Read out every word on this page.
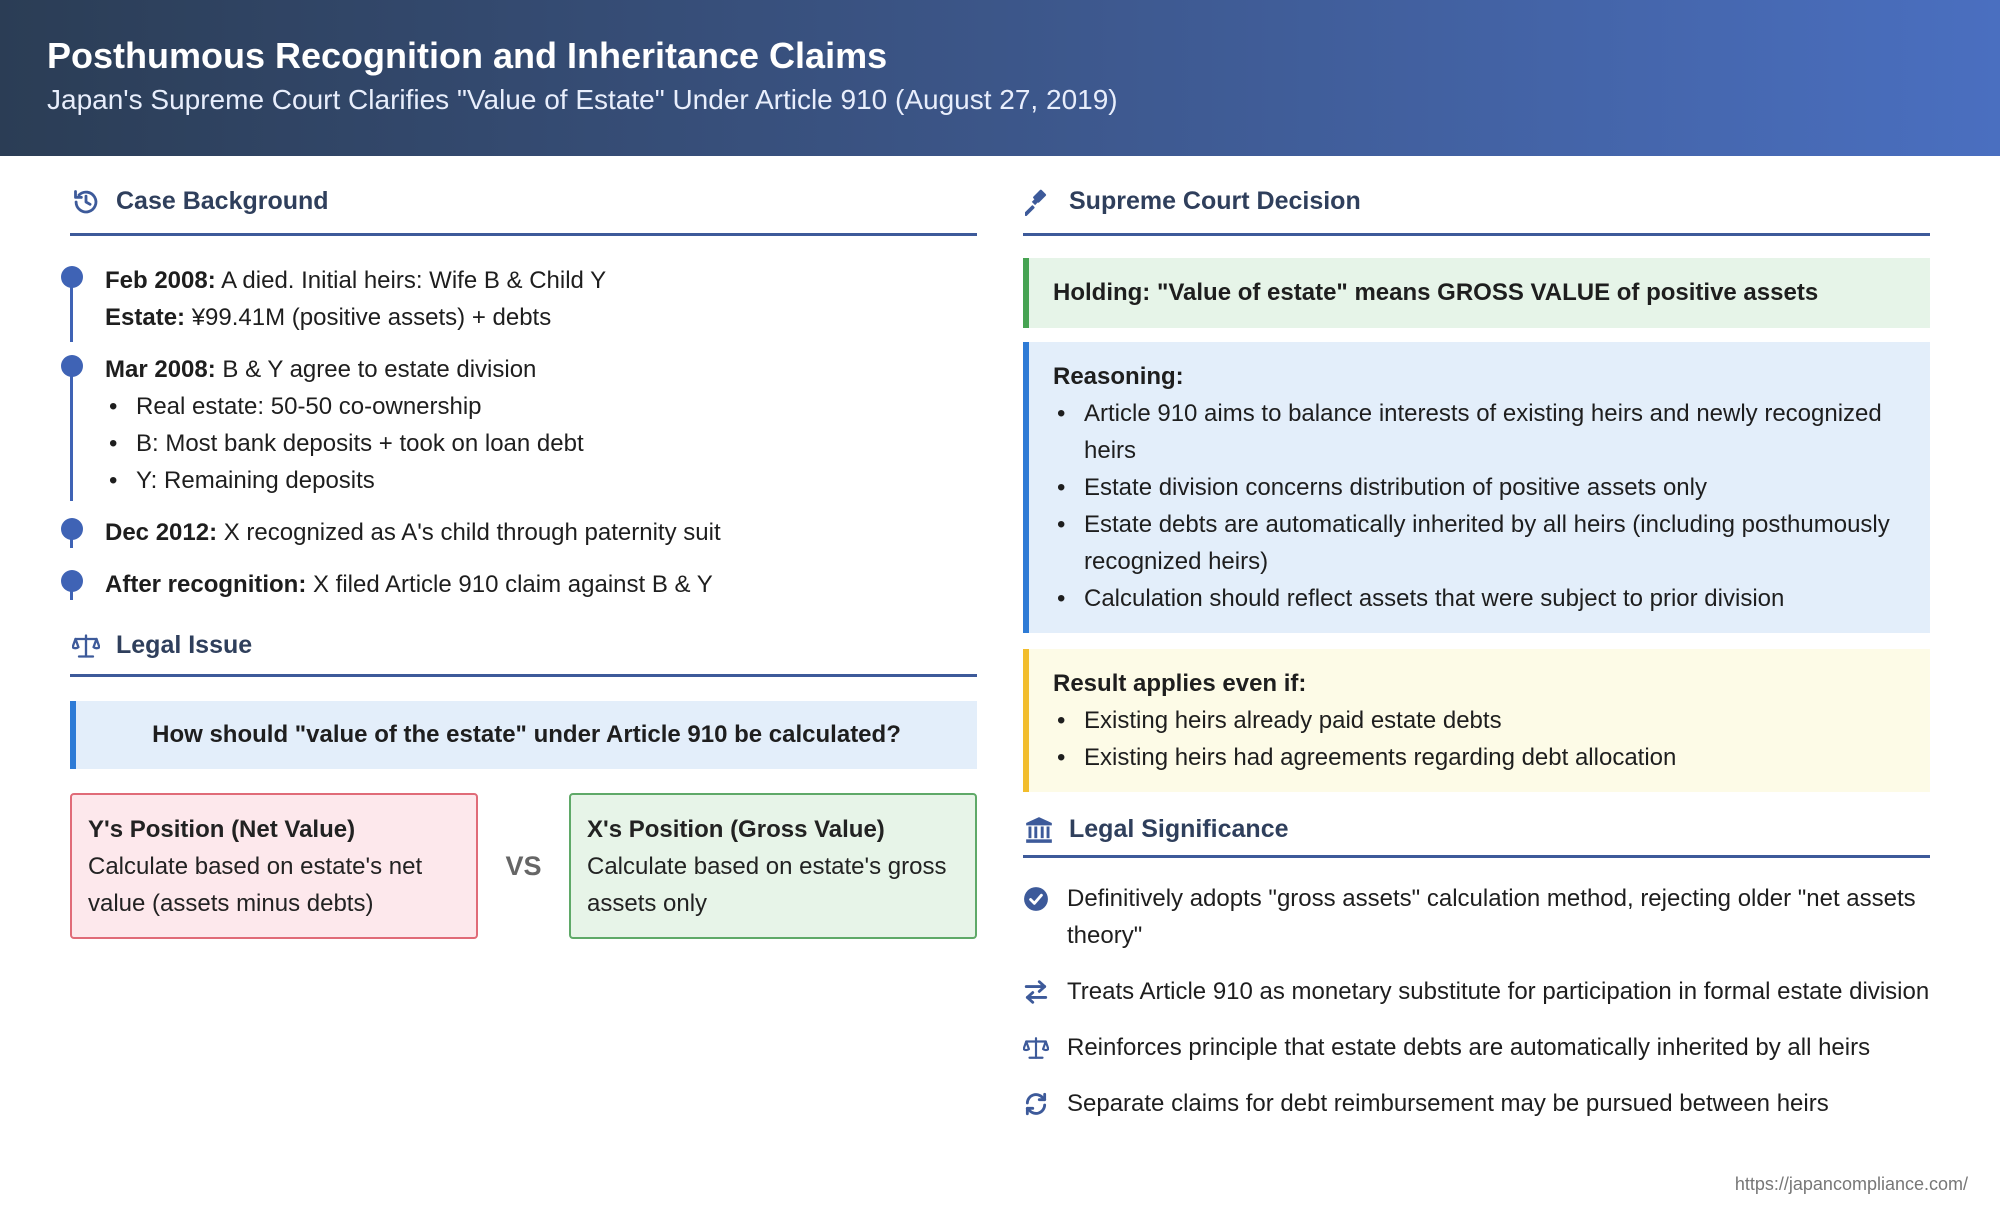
Posthumous Recognition and Inheritance Claims
Japan's Supreme Court Clarifies "Value of Estate" Under Article 910 (August 27, 2019)
Case Background
Feb 2008: A died. Initial heirs: Wife B & Child Y
Estate: ¥99.41M (positive assets) + debts
Mar 2008: B & Y agree to estate division
• Real estate: 50-50 co-ownership
• B: Most bank deposits + took on loan debt
• Y: Remaining deposits
Dec 2012: X recognized as A's child through paternity suit
After recognition: X filed Article 910 claim against B & Y
Legal Issue
How should "value of the estate" under Article 910 be calculated?
Y's Position (Net Value)
Calculate based on estate's net value (assets minus debts)
VS
X's Position (Gross Value)
Calculate based on estate's gross assets only
Supreme Court Decision
Holding: "Value of estate" means GROSS VALUE of positive assets
Reasoning:
• Article 910 aims to balance interests of existing heirs and newly recognized heirs
• Estate division concerns distribution of positive assets only
• Estate debts are automatically inherited by all heirs (including posthumously recognized heirs)
• Calculation should reflect assets that were subject to prior division
Result applies even if:
• Existing heirs already paid estate debts
• Existing heirs had agreements regarding debt allocation
Legal Significance
Definitively adopts "gross assets" calculation method, rejecting older "net assets theory"
Treats Article 910 as monetary substitute for participation in formal estate division
Reinforces principle that estate debts are automatically inherited by all heirs
Separate claims for debt reimbursement may be pursued between heirs
https://japancompliance.com/
